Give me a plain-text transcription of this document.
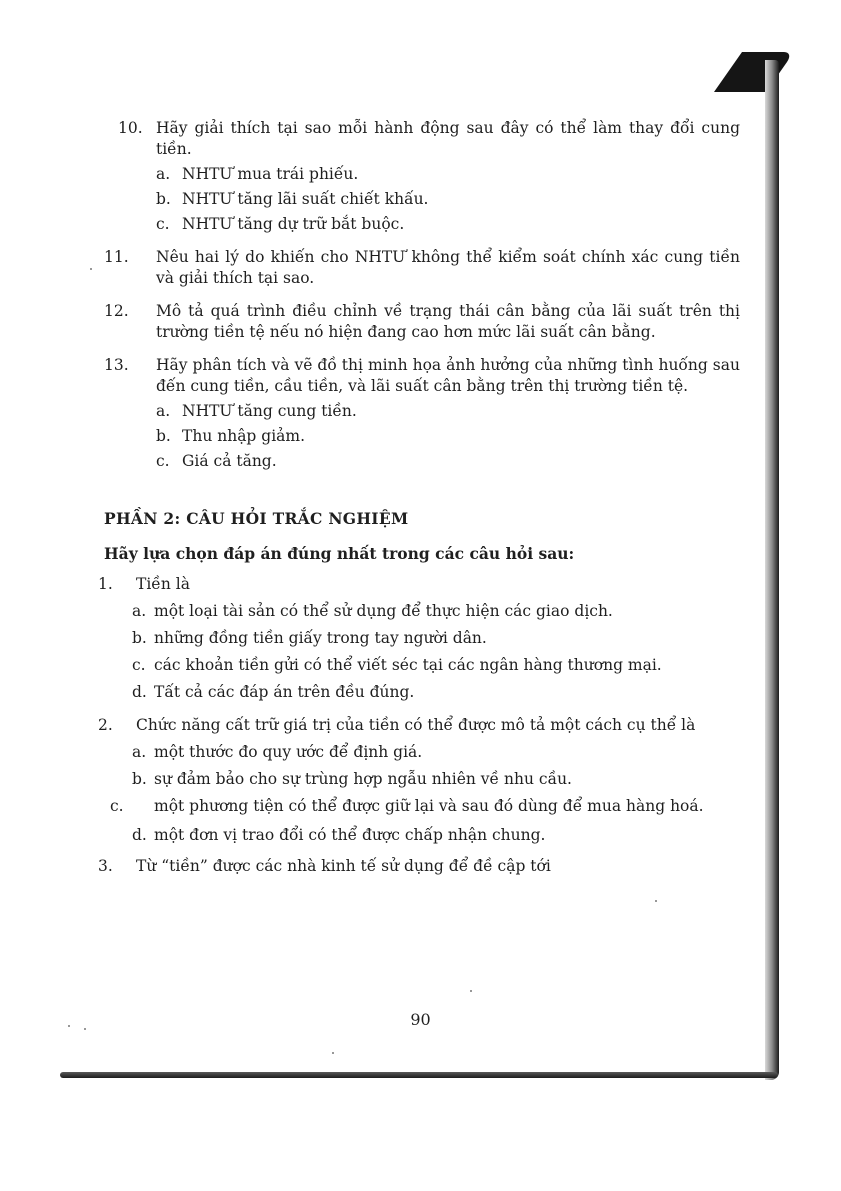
10. Hãy giải thích tại sao mỗi hành động sau đây có thể làm thay đổi cung tiền.
a. NHTƯ mua trái phiếu.
b. NHTƯ tăng lãi suất chiết khấu.
c. NHTƯ tăng dự trữ bắt buộc.
11.	Nêu hai lý do khiến cho NHTƯ không thể kiểm soát chính xác cung tiền và giải thích tại sao.
12.	Mô tả quá trình điều chỉnh về trạng thái cân bằng của lãi suất trên thị trường tiền tệ nếu nó hiện đang cao hơn mức lãi suất cân bằng.
13.	Hãy phân tích và vẽ đồ thị minh họa ảnh hưởng của những tình huống sau đến cung tiền, cầu tiền, và lãi suất cân bằng trên thị trường tiền tệ.
a. NHTƯ tăng cung tiền.
b. Thu nhập giảm.
c. Giá cả tăng.
PHẦN 2: CÂU HỎI TRẮC NGHIỆM
Hãy lựa chọn đáp án đúng nhất trong các câu hỏi sau:
1.	Tiền là
a. một loại tài sản có thể sử dụng để thực hiện các giao dịch.
b. những đồng tiền giấy trong tay người dân.
c. các khoản tiền gửi có thể viết séc tại các ngân hàng thương mại.
d. Tất cả các đáp án trên đều đúng.
2.	Chức năng cất trữ giá trị của tiền có thể được mô tả một cách cụ thể là
a. một thước đo quy ước để định giá.
b. sự đảm bảo cho sự trùng hợp ngẫu nhiên về nhu cầu.
c. một phương tiện có thể được giữ lại và sau đó dùng để mua hàng hoá.
d. một đơn vị trao đổi có thể được chấp nhận chung.
3.	Từ “tiền” được các nhà kinh tế sử dụng để đề cập tới
90
